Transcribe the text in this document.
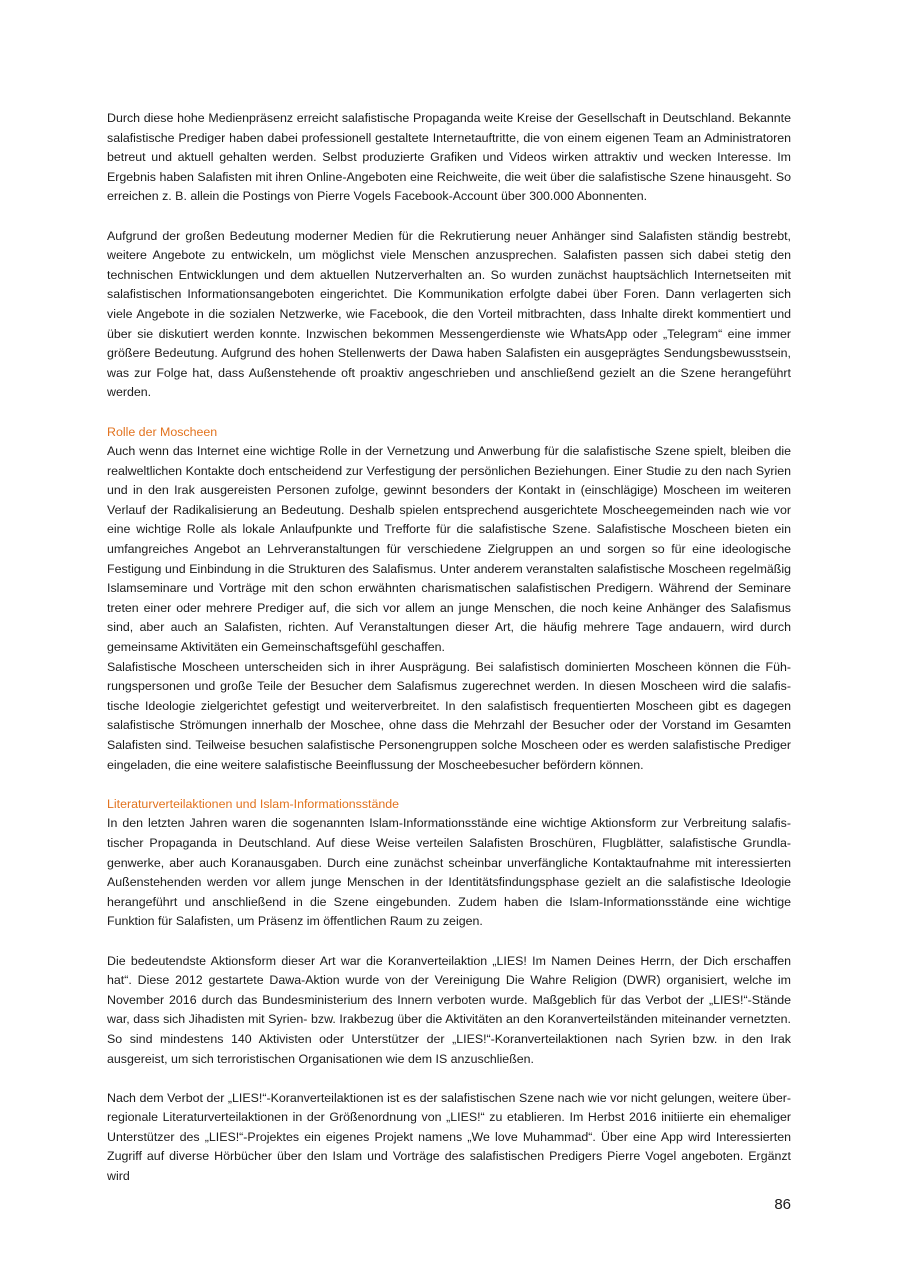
Durch diese hohe Medienpräsenz erreicht salafistische Propaganda weite Kreise der Gesellschaft in Deutschland. Bekannte salafistische Prediger haben dabei professionell gestaltete Internetauftritte, die von einem eigenen Team an Administratoren betreut und aktuell gehalten werden. Selbst produzierte Grafiken und Videos wirken attraktiv und wecken Interesse. Im Ergebnis haben Salafisten mit ihren Online-Angeboten eine Reichweite, die weit über die salafistische Szene hinausgeht. So erreichen z. B. allein die Postings von Pierre Vogels Facebook-Account über 300.000 Abonnenten.

Aufgrund der großen Bedeutung moderner Medien für die Rekrutierung neuer Anhänger sind Salafisten ständig bestrebt, weitere Angebote zu entwickeln, um möglichst viele Menschen anzusprechen. Salafisten passen sich dabei stetig den technischen Entwicklungen und dem aktuellen Nutzerverhalten an. So wurden zunächst hauptsächlich Internetseiten mit salafistischen Informationsangeboten eingerichtet. Die Kommunikation erfolgte dabei über Foren. Dann verlagerten sich viele Angebote in die sozialen Netzwerke, wie Facebook, die den Vorteil mitbrachten, dass Inhalte direkt kommentiert und über sie diskutiert werden konnte. Inzwischen bekommen Messengerdienste wie WhatsApp oder „Telegram“ eine immer größere Bedeutung. Aufgrund des hohen Stellenwerts der Dawa haben Salafisten ein ausgeprägtes Sendungsbewusstsein, was zur Folge hat, dass Außenstehende oft proaktiv angeschrieben und anschließend gezielt an die Szene herangeführt werden.

Rolle der Moscheen

Auch wenn das Internet eine wichtige Rolle in der Vernetzung und Anwerbung für die salafistische Szene spielt, bleiben die realweltlichen Kontakte doch entscheidend zur Verfestigung der persönlichen Beziehungen. Einer Studie zu den nach Syrien und in den Irak ausgereisten Personen zufolge, gewinnt besonders der Kontakt in (einschlägige) Moscheen im weiteren Verlauf der Radikalisierung an Bedeutung. Deshalb spielen entsprechend ausgerichtete Moscheegemeinden nach wie vor eine wichtige Rolle als lokale Anlaufpunkte und Trefforte für die salafistische Szene. Salafistische Moscheen bieten ein umfangreiches Angebot an Lehrveranstaltungen für verschiedene Zielgruppen an und sorgen so für eine ideologische Festigung und Einbindung in die Strukturen des Salafismus. Unter anderem veranstalten salafistische Moscheen regelmäßig Islamseminare und Vorträge mit den schon erwähnten charismatischen salafistischen Predigern. Während der Seminare treten einer oder mehrere Prediger auf, die sich vor allem an junge Menschen, die noch keine Anhänger des Salafismus sind, aber auch an Salafisten, richten. Auf Veranstaltungen dieser Art, die häufig mehrere Tage andauern, wird durch gemeinsame Aktivitäten ein Gemeinschaftsgefühl geschaffen.

Salafistische Moscheen unterscheiden sich in ihrer Ausprägung. Bei salafistisch dominierten Moscheen können die Führungspersonen und große Teile der Besucher dem Salafismus zugerechnet werden. In diesen Moscheen wird die salafistische Ideologie zielgerichtet gefestigt und weiterverbreitet. In den salafistisch frequentierten Moscheen gibt es dagegen salafistische Strömungen innerhalb der Moschee, ohne dass die Mehrzahl der Besucher oder der Vorstand im Gesamten Salafisten sind. Teilweise besuchen salafistische Personengruppen solche Moscheen oder es werden salafistische Prediger eingeladen, die eine weitere salafistische Beeinflussung der Moscheebesucher befördern können.

Literaturverteilaktionen und Islam-Informationsstände

In den letzten Jahren waren die sogenannten Islam-Informationsstände eine wichtige Aktionsform zur Verbreitung salafistischer Propaganda in Deutschland. Auf diese Weise verteilen Salafisten Broschüren, Flugblätter, salafistische Grundlagenwerke, aber auch Koranausgaben. Durch eine zunächst scheinbar unverfängliche Kontaktaufnahme mit interessierten Außenstehenden werden vor allem junge Menschen in der Identitätsfindungsphase gezielt an die salafistische Ideologie herangeführt und anschließend in die Szene eingebunden. Zudem haben die Islam-Informationsstände eine wichtige Funktion für Salafisten, um Präsenz im öffentlichen Raum zu zeigen.

Die bedeutendste Aktionsform dieser Art war die Koranverteilaktion „LIES! Im Namen Deines Herrn, der Dich erschaffen hat“. Diese 2012 gestartete Dawa-Aktion wurde von der Vereinigung Die Wahre Religion (DWR) organisiert, welche im November 2016 durch das Bundesministerium des Innern verboten wurde. Maßgeblich für das Verbot der „LIES!“-Stände war, dass sich Jihadisten mit Syrien- bzw. Irakbezug über die Aktivitäten an den Koranverteilständen miteinander vernetzten. So sind mindestens 140 Aktivisten oder Unterstützer der „LIES!“-Koranverteilaktionen nach Syrien bzw. in den Irak ausgereist, um sich terroristischen Organisationen wie dem IS anzuschließen.

Nach dem Verbot der „LIES!“-Koranverteilaktionen ist es der salafistischen Szene nach wie vor nicht gelungen, weitere überregionale Literaturverteilaktionen in der Größenordnung von „LIES!“ zu etablieren. Im Herbst 2016 initiierte ein ehemaliger Unterstützer des „LIES!“-Projektes ein eigenes Projekt namens „We love Muhammad“. Über eine App wird Interessierten Zugriff auf diverse Hörbücher über den Islam und Vorträge des salafistischen Predigers Pierre Vogel angeboten. Ergänzt wird

86
